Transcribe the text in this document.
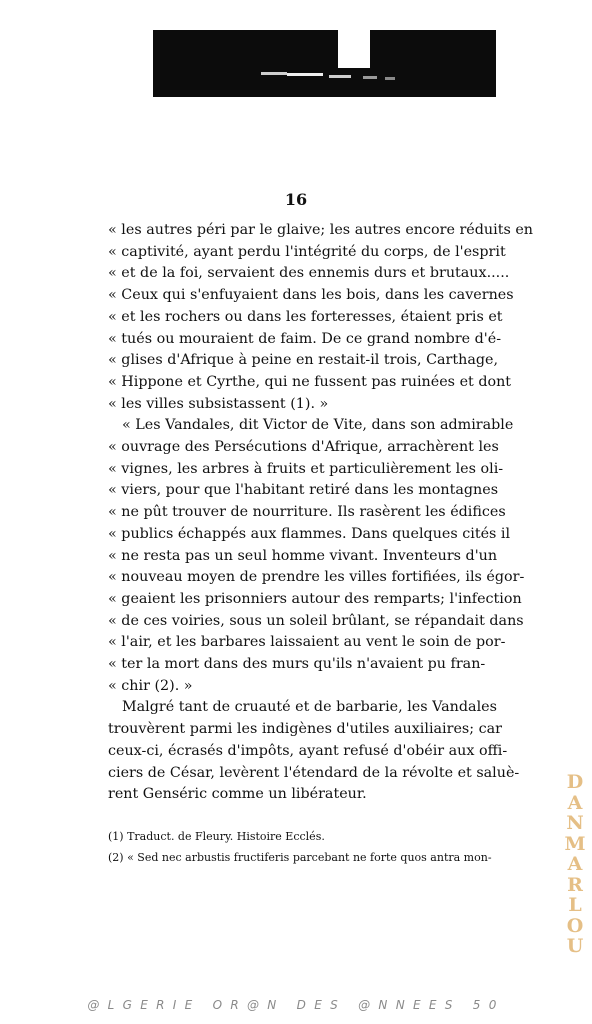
16
« les autres péri par le glaive; les autres encore réduits en
« captivité, ayant perdu l'intégrité du corps, de l'esprit
« et de la foi, servaient des ennemis durs et brutaux.....
« Ceux qui s'enfuyaient dans les bois, dans les cavernes
« et les rochers ou dans les forteresses, étaient pris et
« tués ou mouraient de faim. De ce grand nombre d'é-
« glises d'Afrique à peine en restait-il trois, Carthage,
« Hippone et Cyrthe, qui ne fussent pas ruinées et dont
« les villes subsistassent (1). »
« Les Vandales, dit Victor de Vite, dans son admirable
« ouvrage des Persécutions d'Afrique, arrachèrent les
« vignes, les arbres à fruits et particulièrement les oli-
« viers, pour que l'habitant retiré dans les montagnes
« ne pût trouver de nourriture. Ils rasèrent les édifices
« publics échappés aux flammes. Dans quelques cités il
« ne resta pas un seul homme vivant. Inventeurs d'un
« nouveau moyen de prendre les villes fortifiées, ils égor-
« geaient les prisonniers autour des remparts; l'infection
« de ces voiries, sous un soleil brûlant, se répandait dans
« l'air, et les barbares laissaient au vent le soin de por-
« ter la mort dans des murs qu'ils n'avaient pu fran-
« chir (2). »
Malgré tant de cruauté et de barbarie, les Vandales
trouvèrent parmi les indigènes d'utiles auxiliaires; car
ceux-ci, écrasés d'impôts, ayant refusé d'obéir aux offi-
ciers de César, levèrent l'étendard de la révolte et saluè-
rent Genséric comme un libérateur.
(1) Traduct. de Fleury. Histoire Ecclés.
(2) « Sed nec arbustis fructiferis parcebant ne forte quos antra mon-
D
A
N
M
A
R
L
O
U
@LGERIE OR@N DES @NNEES 50
